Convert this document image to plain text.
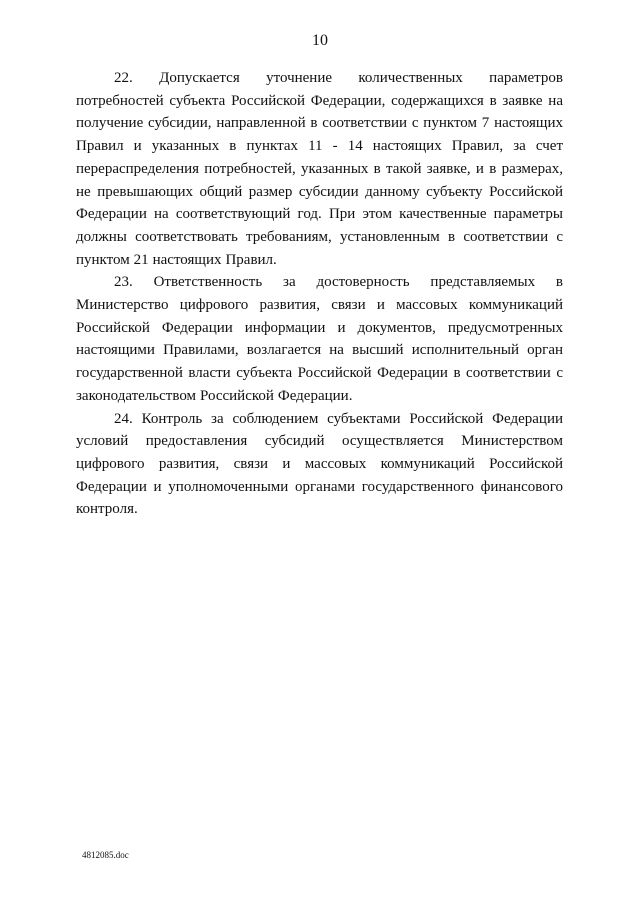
10

22. Допускается уточнение количественных параметров потребностей субъекта Российской Федерации, содержащихся в заявке на получение субсидии, направленной в соответствии с пунктом 7 настоящих Правил и указанных в пунктах 11 - 14 настоящих Правил, за счет перераспределения потребностей, указанных в такой заявке, и в размерах, не превышающих общий размер субсидии данному субъекту Российской Федерации на соответствующий год. При этом качественные параметры должны соответствовать требованиям, установленным в соответствии с пунктом 21 настоящих Правил.

23. Ответственность за достоверность представляемых в Министерство цифрового развития, связи и массовых коммуникаций Российской Федерации информации и документов, предусмотренных настоящими Правилами, возлагается на высший исполнительный орган государственной власти субъекта Российской Федерации в соответствии с законодательством Российской Федерации.

24. Контроль за соблюдением субъектами Российской Федерации условий предоставления субсидий осуществляется Министерством цифрового развития, связи и массовых коммуникаций Российской Федерации и уполномоченными органами государственного финансового контроля.

4812085.doc
